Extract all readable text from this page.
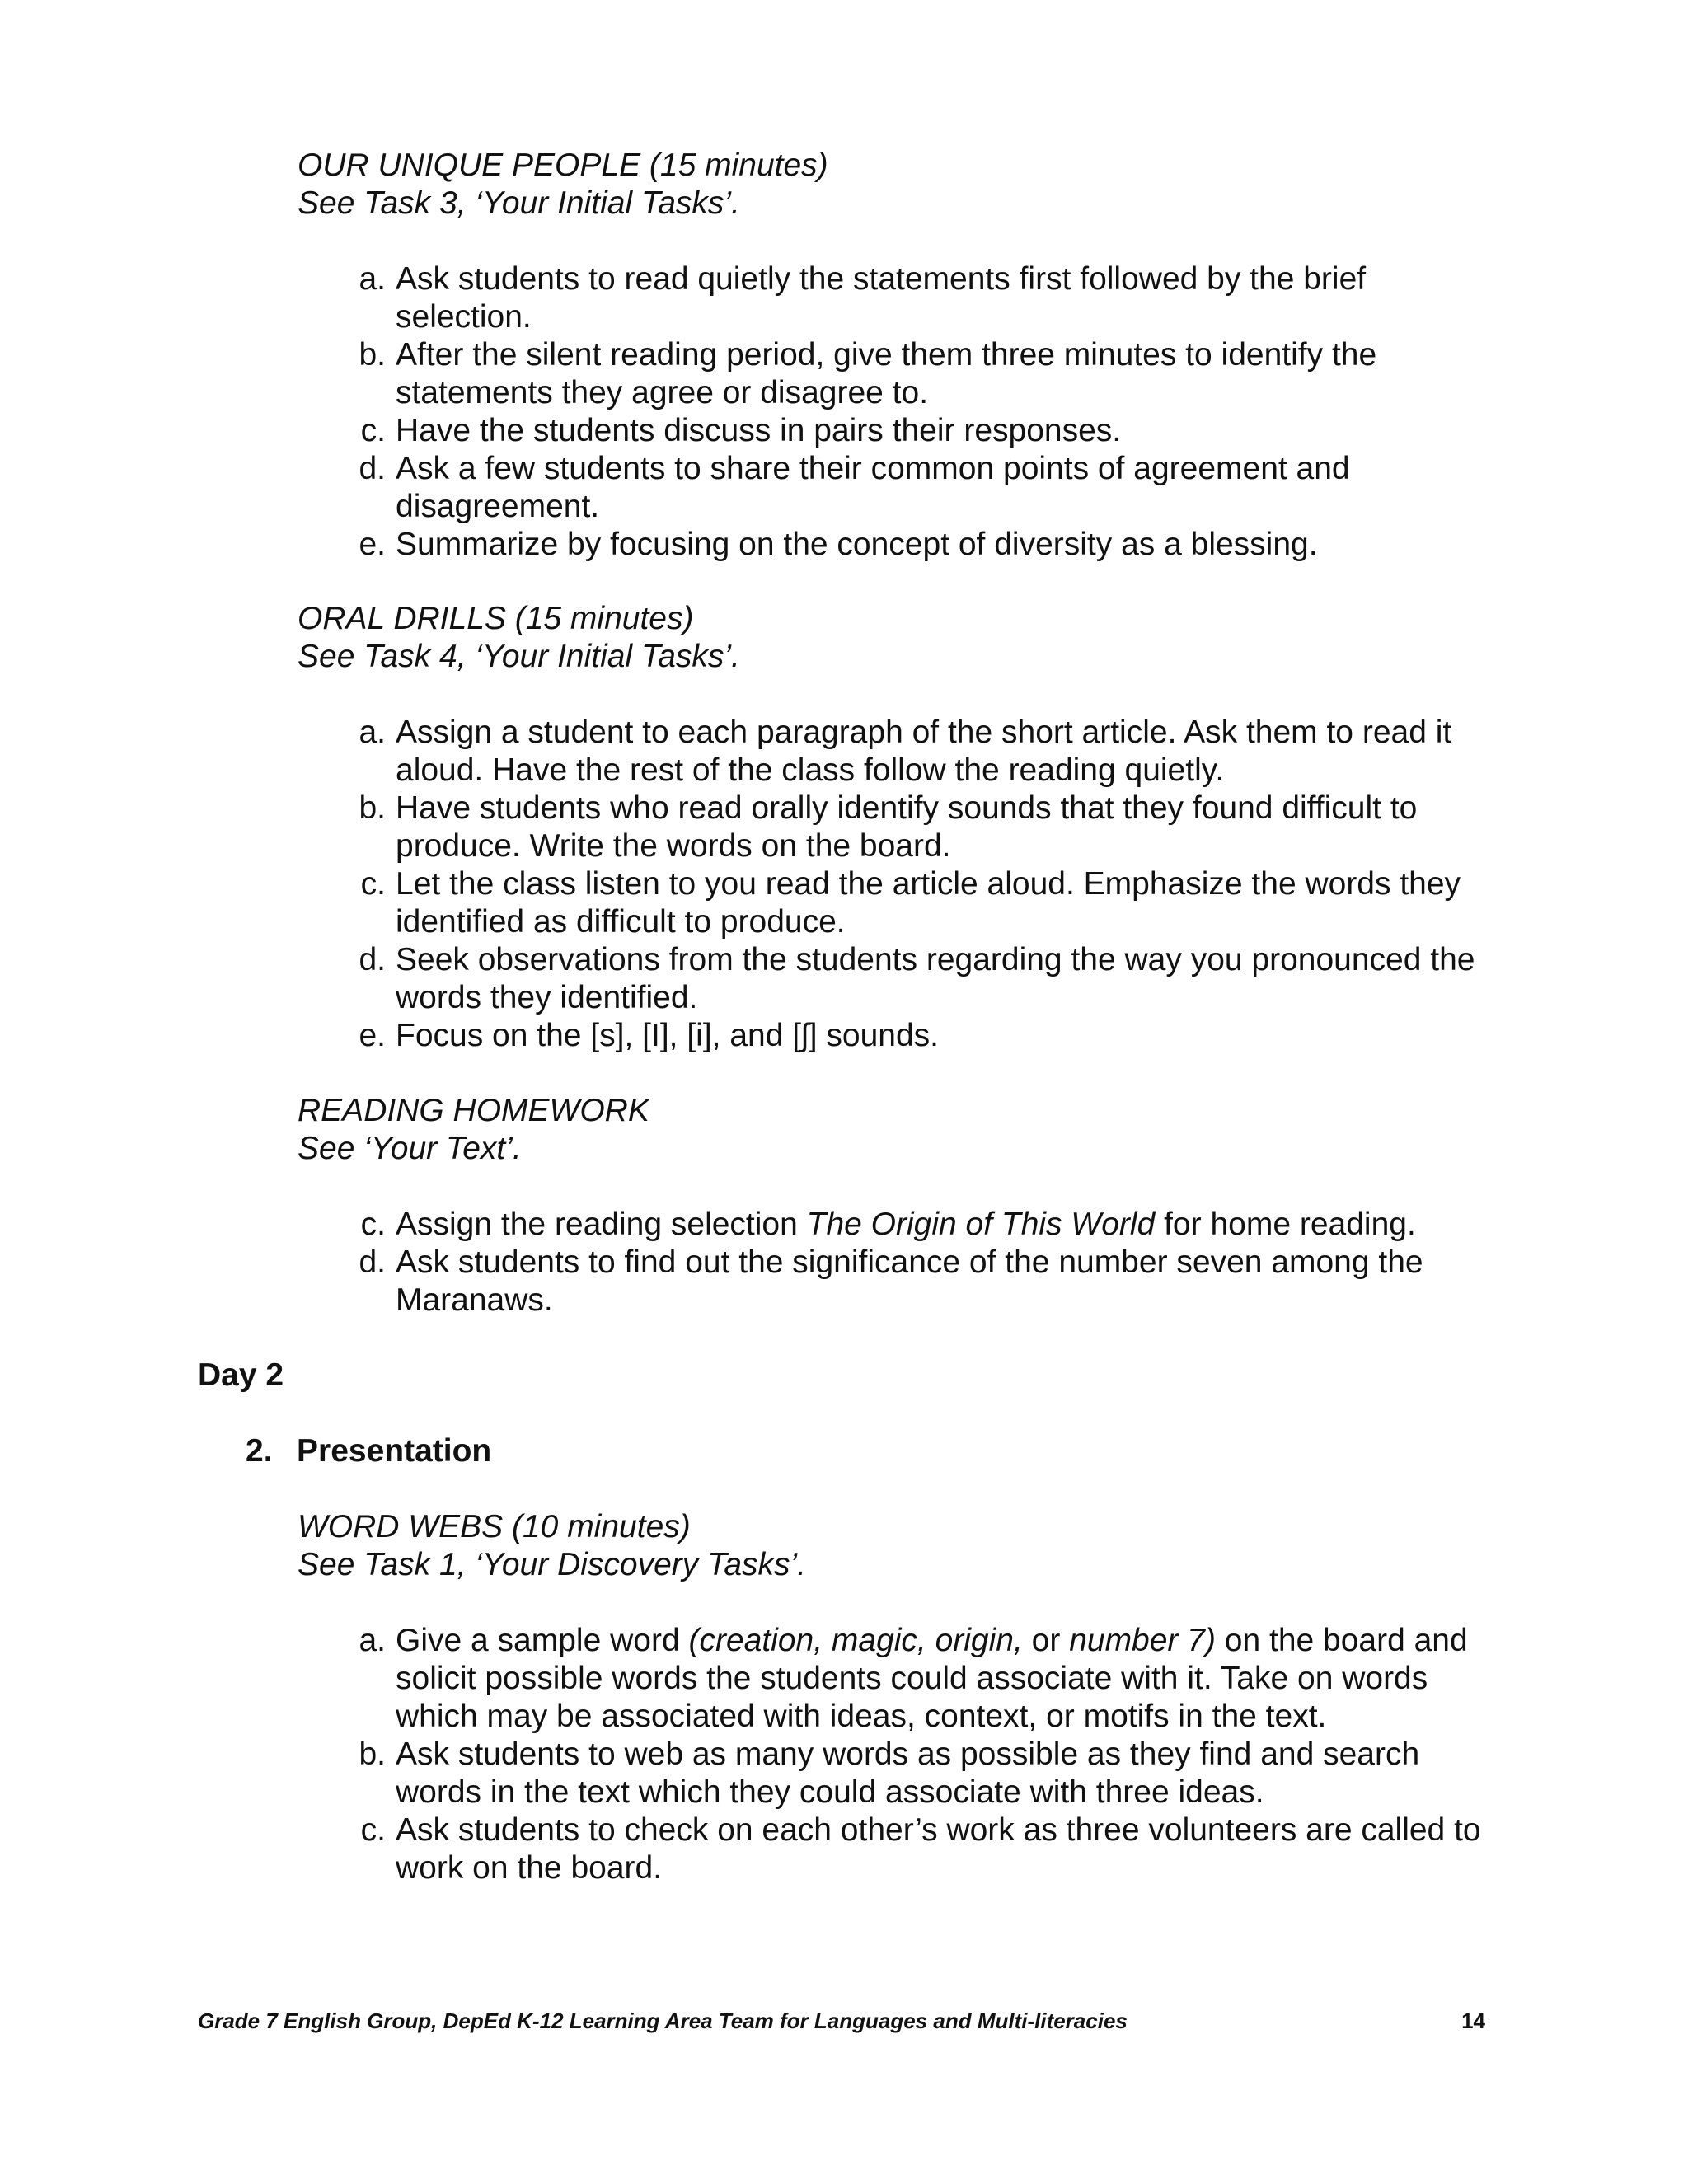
OUR UNIQUE PEOPLE (15 minutes)
See Task 3, ‘Your Initial Tasks’.
a . Ask students to read quietly the statements first followed by the brief selection.
b . After the silent reading period, give them three minutes to identify the statements they agree or disagree to.
c . Have the students discuss in pairs their responses.
d . Ask a few students to share their common points of agreement and disagreement.
e . Summarize by focusing on the concept of diversity as a blessing.
ORAL DRILLS (15 minutes)
See Task 4, ‘Your Initial Tasks’.
a . Assign a student to each paragraph of the short article. Ask them to read it aloud. Have the rest of the class follow the reading quietly.
b . Have students who read orally identify sounds that they found difficult to produce. Write the words on the board.
c . Let the class listen to you read the article aloud. Emphasize the words they identified as difficult to produce.
d . Seek observations from the students regarding the way you pronounced the words they identified.
e . Focus on the [s], [I], [i], and [ʃ] sounds.
READING HOMEWORK
See ‘Your Text’.
c . Assign the reading selection The Origin of This World for home reading.
d . Ask students to find out the significance of the number seven among the Maranaws.
Day 2
2. Presentation
WORD WEBS (10 minutes)
See Task 1, ‘Your Discovery Tasks’.
a . Give a sample word (creation, magic, origin, or number 7) on the board and solicit possible words the students could associate with it. Take on words which may be associated with ideas, context, or motifs in the text.
b . Ask students to web as many words as possible as they find and search words in the text which they could associate with three ideas.
c . Ask students to check on each other’s work as three volunteers are called to work on the board.
Grade 7 English Group, DepEd K-12 Learning Area Team for Languages and Multi-literacies	14
